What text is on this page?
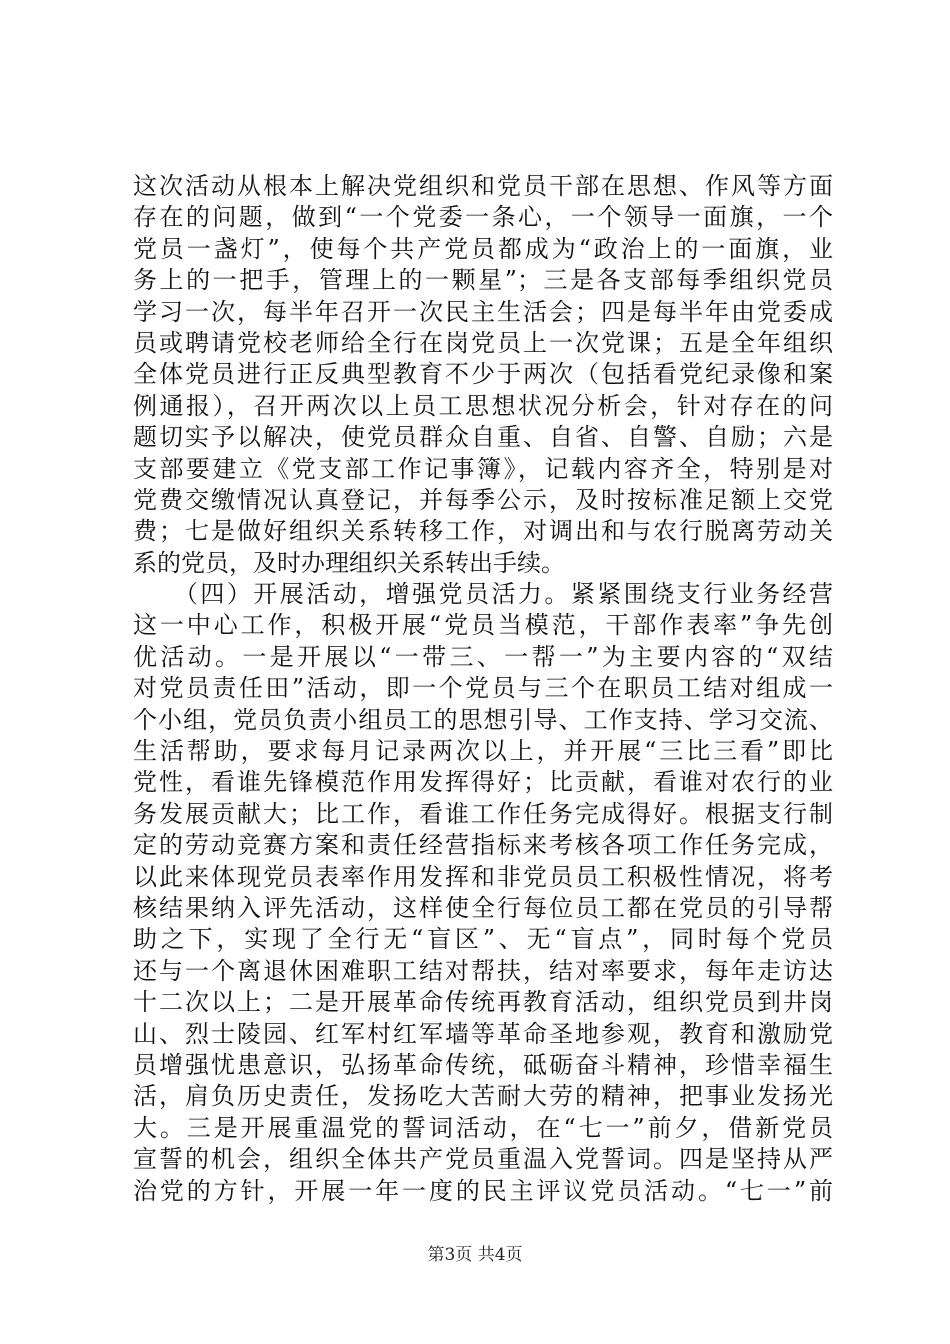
这次活动从根本上解决党组织和党员干部在思想、作风等方面
存在的问题，做到“一个党委一条心，一个领导一面旗，一个
党员一盏灯”，使每个共产党员都成为“政治上的一面旗，业
务上的一把手，管理上的一颗星”；三是各支部每季组织党员
学习一次，每半年召开一次民主生活会；四是每半年由党委成
员或聘请党校老师给全行在岗党员上一次党课；五是全年组织
全体党员进行正反典型教育不少于两次（包括看党纪录像和案
例通报），召开两次以上员工思想状况分析会，针对存在的问
题切实予以解决，使党员群众自重、自省、自警、自励；六是
支部要建立《党支部工作记事簿》，记载内容齐全，特别是对
党费交缴情况认真登记，并每季公示，及时按标准足额上交党
费；七是做好组织关系转移工作，对调出和与农行脱离劳动关
系的党员，及时办理组织关系转出手续。
　　（四）开展活动，增强党员活力。紧紧围绕支行业务经营
这一中心工作，积极开展“党员当模范，干部作表率”争先创
优活动。一是开展以“一带三、一帮一”为主要内容的“双结
对党员责任田”活动，即一个党员与三个在职员工结对组成一
个小组，党员负责小组员工的思想引导、工作支持、学习交流、
生活帮助，要求每月记录两次以上，并开展“三比三看”即比
党性，看谁先锋模范作用发挥得好；比贡献，看谁对农行的业
务发展贡献大；比工作，看谁工作任务完成得好。根据支行制
定的劳动竞赛方案和责任经营指标来考核各项工作任务完成，
以此来体现党员表率作用发挥和非党员员工积极性情况，将考
核结果纳入评先活动，这样使全行每位员工都在党员的引导帮
助之下，实现了全行无“盲区”、无“盲点”，同时每个党员
还与一个离退休困难职工结对帮扶，结对率要求，每年走访达
十二次以上；二是开展革命传统再教育活动，组织党员到井岗
山、烈士陵园、红军村红军墙等革命圣地参观，教育和激励党
员增强忧患意识，弘扬革命传统，砥砺奋斗精神，珍惜幸福生
活，肩负历史责任，发扬吃大苦耐大劳的精神，把事业发扬光
大。三是开展重温党的誓词活动，在“七一”前夕，借新党员
宣誓的机会，组织全体共产党员重温入党誓词。四是坚持从严
治党的方针，开展一年一度的民主评议党员活动。“七一”前
第3页 共4页
